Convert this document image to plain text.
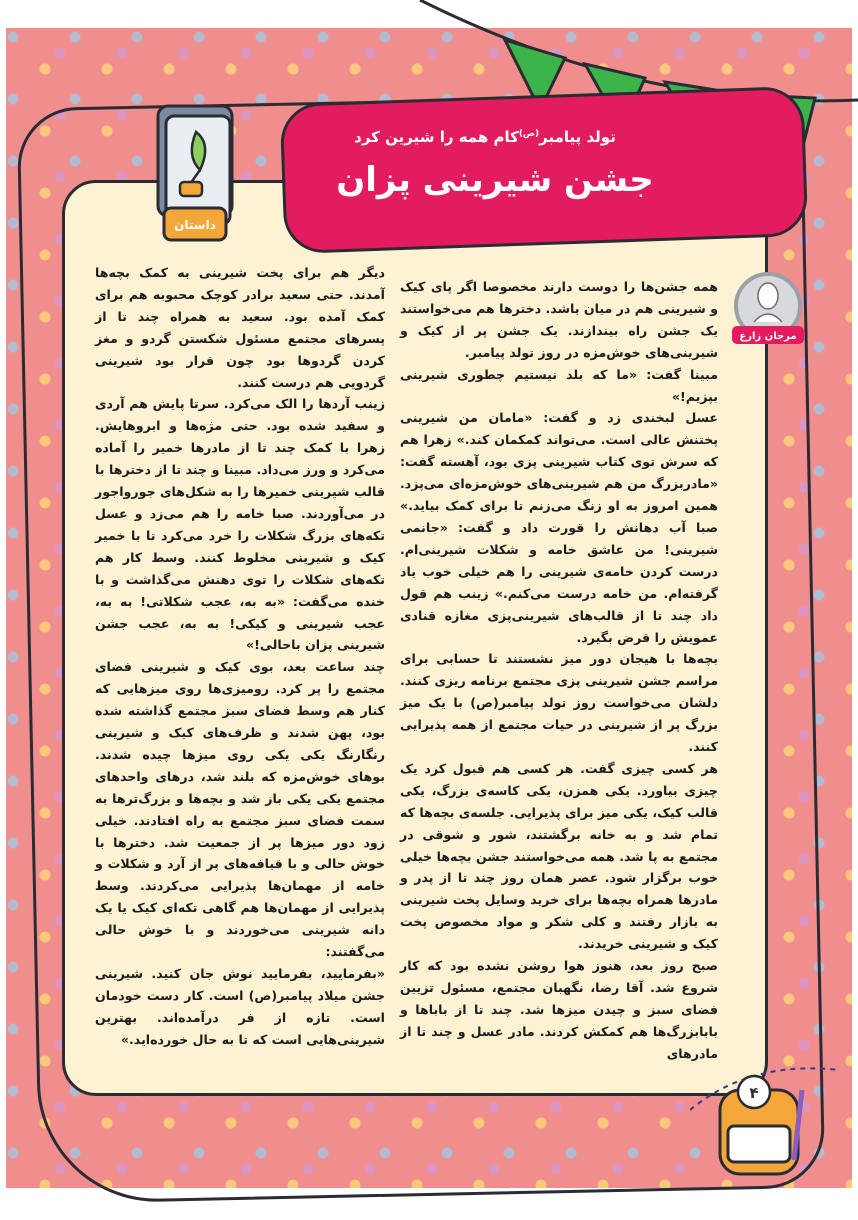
تولد پیامبر$^{(ص)}$کام همه را شیرین کرد
جشن شیرینی پزان
داستان
مرجان زارع

همه جشن‌ها را دوست دارند مخصوصا اگر پای کیک و شیرینی هم در میان باشد. دخترها هم می‌خواستند یک جشن راه بیندازند. یک جشن پر از کیک و شیرینی‌های خوش‌مزه در روز تولد پیامبر.

مبینا گفت: «ما که بلد نیستیم چطوری شیرینی بپزیم!»

عسل لبخندی زد و گفت: «مامان من شیرینی پختنش عالی است. می‌تواند کمکمان کند.» زهرا هم که سرش توی کتاب شیرینی پزی بود، آهسته گفت: «مادربزرگ من هم شیرینی‌های خوش‌مزه‌ای می‌پزد. همین امروز به او زنگ می‌زنم تا برای کمک بیاید.» صبا آب دهانش را قورت داد و گفت: «جانمی شیرینی! من عاشق خامه و شکلات شیرینی‌ام. درست کردن خامه‌ی شیرینی را هم خیلی خوب یاد گرفته‌ام. من خامه درست می‌کنم.» زینب هم قول داد چند تا از قالب‌های شیرینی‌پزی مغازه قنادی عمویش را قرض بگیرد.

بچه‌ها با هیجان دور میز نشستند تا حسابی برای مراسم جشن شیرینی پزی مجتمع برنامه ریزی کنند. دلشان می‌خواست روز تولد پیامبر(ص) با یک میز بزرگ پر از شیرینی در حیات مجتمع از همه پذیرایی کنند.

هر کسی چیزی گفت. هر کسی هم قبول کرد یک چیزی بیاورد. یکی همزن، یکی کاسه‌ی بزرگ، یکی قالب کیک، یکی میز برای پذیرایی. جلسه‌ی بچه‌ها که تمام شد و به خانه برگشتند، شور و شوقی در مجتمع به پا شد. همه می‌خواستند جشن بچه‌ها خیلی خوب برگزار شود. عصر همان روز چند تا از پدر و مادرها همراه بچه‌ها برای خرید وسایل پخت شیرینی به بازار رفتند و کلی شکر و مواد مخصوص پخت کیک و شیرینی خریدند.

صبح روز بعد، هنوز هوا روشن نشده بود که کار شروع شد. آقا رضا، نگهبان مجتمع، مسئول تزیین فضای سبز و چیدن میزها شد. چند تا از باباها و بابابزرگ‌ها هم کمکش کردند. مادر عسل و چند تا از مادرهای

دیگر هم برای پخت شیرینی به کمک بچه‌ها آمدند. حتی سعید برادر کوچک محبوبه هم برای کمک آمده بود. سعید به همراه چند تا از پسرهای مجتمع مسئول شکستن گردو و مغز کردن گردوها بود چون قرار بود شیرینی گردویی هم درست کنند.

زینب آردها را الک می‌کرد. سرتا پایش هم آردی و سفید شده بود. حتی مژه‌ها و ابروهایش. زهرا با کمک چند تا از مادرها خمیر را آماده می‌کرد و ورز می‌داد. مبینا و چند تا از دخترها با قالب شیرینی خمیرها را به شکل‌های جورواجور در می‌آوردند. صبا خامه را هم می‌زد و عسل تکه‌های بزرگ شکلات را خرد می‌کرد تا با خمیر کیک و شیرینی مخلوط کنند. وسط کار هم تکه‌های شکلات را توی دهنش می‌گذاشت و با خنده می‌گفت: «به به، عجب شکلاتی! به به، عجب شیرینی و کیکی! به به، عجب جشن شیرینی پزان باحالی!»

چند ساعت بعد، بوی کیک و شیرینی فضای مجتمع را پر کرد. رومیزی‌ها روی میزهایی که کنار هم وسط فضای سبز مجتمع گذاشته شده بود، پهن شدند و ظرف‌های کیک و شیرینی رنگارنگ یکی یکی روی میزها چیده شدند. بوهای خوش‌مزه که بلند شد، درهای واحدهای مجتمع یکی یکی باز شد و بچه‌ها و بزرگ‌ترها به سمت فضای سبز مجتمع به راه افتادند. خیلی زود دور میزها پر از جمعیت شد. دخترها با خوش حالی و با قیافه‌های پر از آرد و شکلات و خامه از مهمان‌ها پذیرایی می‌کردند. وسط پذیرایی از مهمان‌ها هم گاهی تکه‌ای کیک یا یک دانه شیرینی می‌خوردند و با خوش حالی می‌گفتند:

«بفرمایید، بفرمایید نوش جان کنید. شیرینی جشن میلاد پیامبر(ص) است. کار دست خودمان است. تازه از فر درآمده‌اند. بهترین شیرینی‌هایی است که تا به حال خورده‌اید.»

۴
